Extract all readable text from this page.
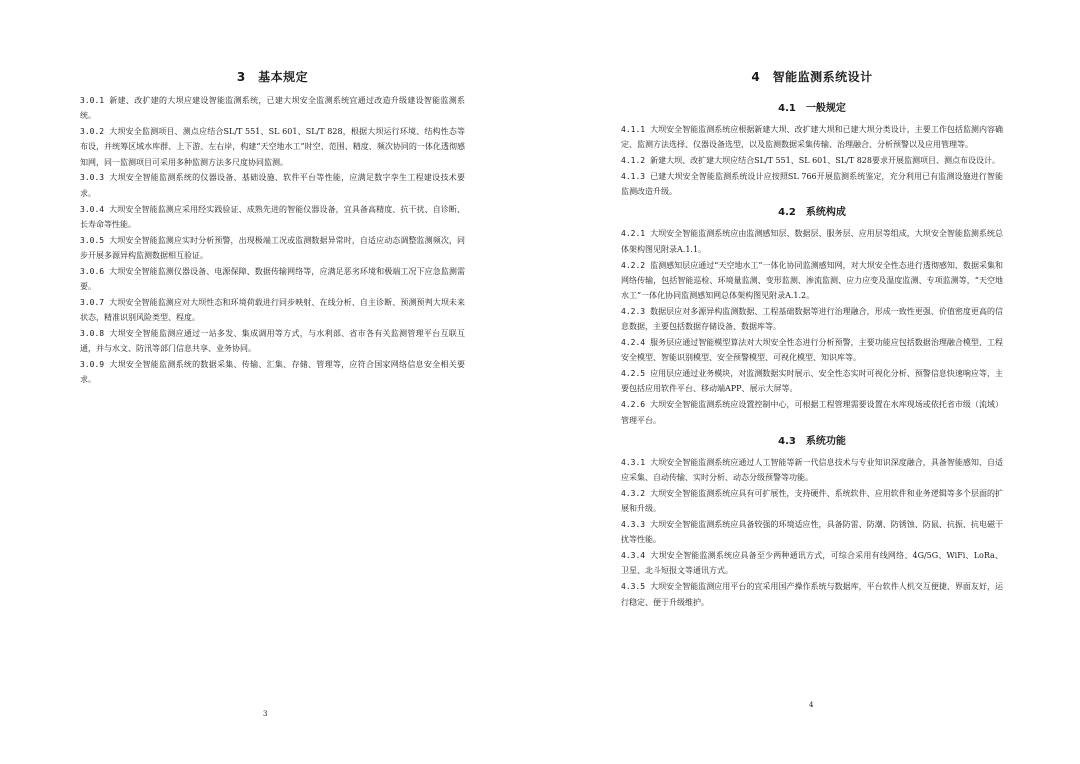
3　基本规定

3.0.1 新建、改扩建的大坝应建设智能监测系统，已建大坝安全监测系统宜通过改造升级建设智能监测系统。

3.0.2 大坝安全监测项目、测点应结合SL/T 551、SL 601、SL/T 828，根据大坝运行环境、结构性态等布设，并统筹区域水库群、上下游、左右岸，构建“天空地水工”时空、范围、精度、频次协同的一体化透彻感知网，同一监测项目可采用多种监测方法多尺度协同监测。

3.0.3 大坝安全智能监测系统的仪器设备、基础设施、软件平台等性能，应满足数字孪生工程建设技术要求。

3.0.4 大坝安全智能监测应采用经实践验证、成熟先进的智能仪器设备，宜具备高精度、抗干扰、自诊断、长寿命等性能。

3.0.5 大坝安全智能监测应实时分析预警，出现极端工况或监测数据异常时，自适应动态调整监测频次，同步开展多源异构监测数据相互验证。

3.0.6 大坝安全智能监测仪器设备、电源保障、数据传输网络等，应满足恶劣环境和极端工况下应急监测需要。

3.0.7 大坝安全智能监测应对大坝性态和环境荷载进行同步映射、在线分析、自主诊断、预测预判大坝未来状态，精准识别风险类型、程度。

3.0.8 大坝安全智能监测应通过一站多发、集成调用等方式，与水利部、省市各有关监测管理平台互联互通，并与水文、防汛等部门信息共享、业务协同。

3.0.9 大坝安全智能监测系统的数据采集、传输、汇集、存储、管理等，应符合国家网络信息安全相关要求。

3
4　智能监测系统设计
4.1　一般规定

4.1.1 大坝安全智能监测系统应根据新建大坝、改扩建大坝和已建大坝分类设计，主要工作包括监测内容确定、监测方法选择、仪器设备选型，以及监测数据采集传输、治理融合、分析预警以及应用管理等。

4.1.2 新建大坝、改扩建大坝应结合SL/T 551、SL 601、SL/T 828要求开展监测项目、测点布设设计。

4.1.3 已建大坝安全智能监测系统设计应按照SL 766开展监测系统鉴定，充分利用已有监测设施进行智能监测改造升级。

4.2　系统构成

4.2.1 大坝安全智能监测系统应由监测感知层、数据层、服务层、应用层等组成，大坝安全智能监测系统总体架构图见附录A.1.1。

4.2.2 监测感知层应通过“天空地水工”一体化协同监测感知网，对大坝安全性态进行透彻感知、数据采集和网络传输，包括智能巡检、环境量监测、变形监测、渗流监测、应力应变及温度监测、专项监测等，“天空地水工”一体化协同监测感知网总体架构图见附录A.1.2。

4.2.3 数据层应对多源异构监测数据、工程基础数据等进行治理融合，形成一致性更强、价值密度更高的信息数据，主要包括数据存储设备、数据库等。

4.2.4 服务层应通过智能模型算法对大坝安全性态进行分析预警，主要功能应包括数据治理融合模型、工程安全模型、智能识别模型、安全预警模型、可视化模型、知识库等。

4.2.5 应用层应通过业务模块，对监测数据实时展示、安全性态实时可视化分析、预警信息快速响应等，主要包括应用软件平台、移动端APP、展示大屏等。

4.2.6 大坝安全智能监测系统应设置控制中心，可根据工程管理需要设置在水库现场或依托省市级（流域）管理平台。

4.3　系统功能

4.3.1 大坝安全智能监测系统应通过人工智能等新一代信息技术与专业知识深度融合，具备智能感知、自适应采集、自动传输、实时分析、动态分级预警等功能。

4.3.2 大坝安全智能监测系统应具有可扩展性，支持硬件、系统软件、应用软件和业务逻辑等多个层面的扩展和升级。

4.3.3 大坝安全智能监测系统应具备较强的环境适应性，具备防雷、防潮、防锈蚀、防鼠、抗振、抗电磁干扰等性能。

4.3.4 大坝安全智能监测系统应具备至少两种通讯方式，可综合采用有线网络、4G/5G、WiFi、LoRa、卫星、北斗短报文等通讯方式。

4.3.5 大坝安全智能监测应用平台的宜采用国产操作系统与数据库，平台软件人机交互便捷、界面友好，运行稳定、便于升级维护。

4
